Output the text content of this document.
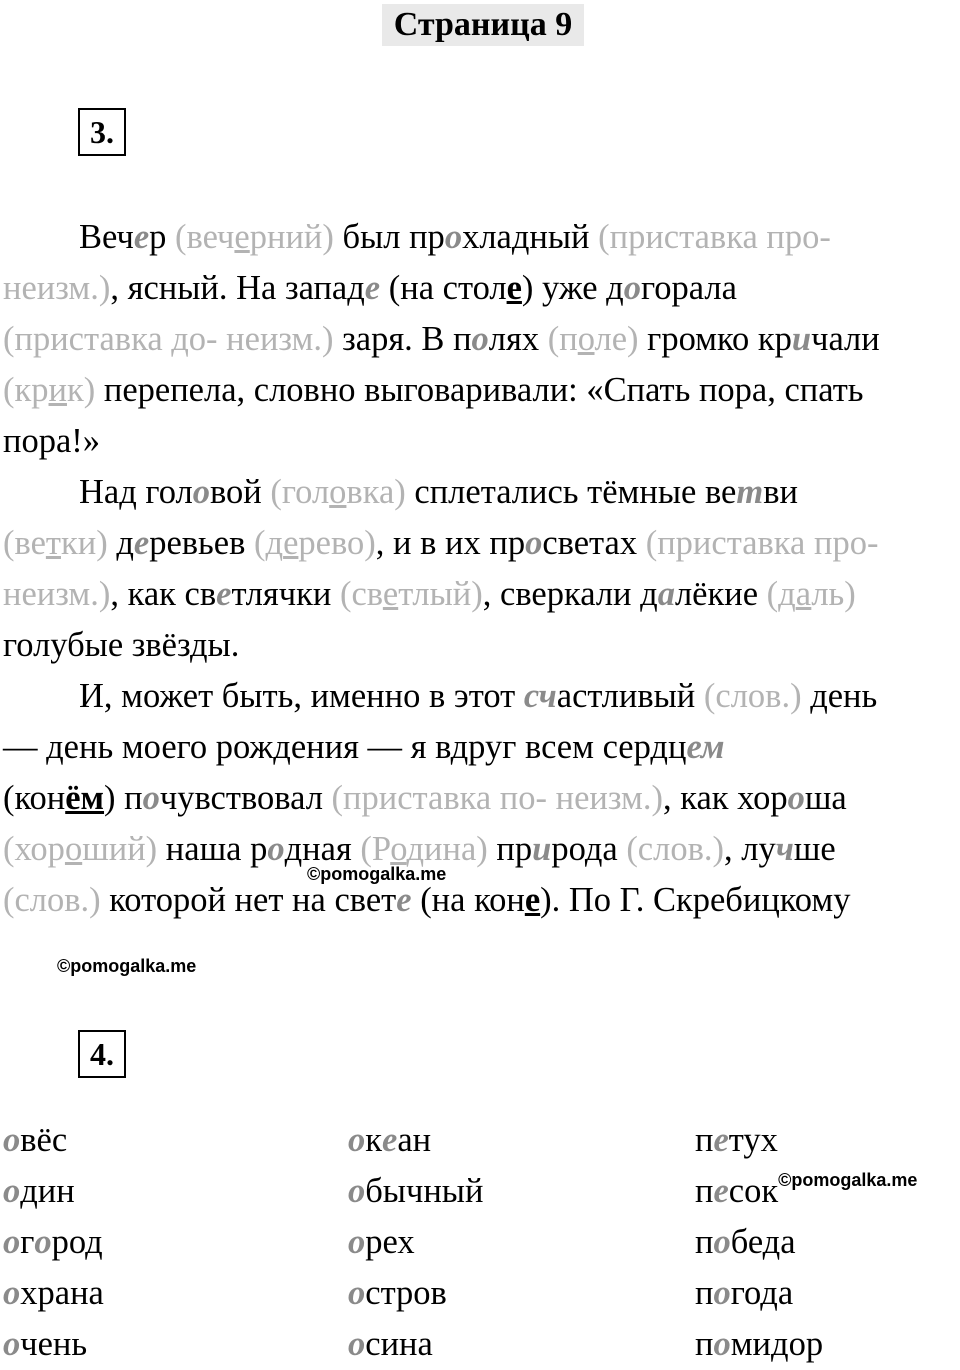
Страница 9
3.
Вечер (вечерний) был прохладный (приставка про-
неизм.), ясный. На западе (на столе) уже догорала
(приставка до- неизм.) заря. В полях (поле) громко кричали
(крик) перепела, словно выговаривали: «Спать пора, спать
пора!»
Над головой (головка) сплетались тёмные ветви
(ветки) деревьев (дерево), и в их просветах (приставка про-
неизм.), как светлячки (светлый), сверкали далёкие (даль)
голубые звёзды.
И, может быть, именно в этот счастливый (слов.) день
— день моего рождения — я вдруг всем сердцем
(конём) почувствовал (приставка по- неизм.), как хороша
(хороший) наша родная (Родина) природа (слов.), лучше
(слов.) которой нет на свете (на коне). По Г. Скребицкому
©pomogalka.me
©pomogalka.me
4.
овёс
один
огород
охрана
очень
океан
обычный
орех
остров
осина
петух
песок$^{©pomogalka.me}$
победа
погода
помидор
